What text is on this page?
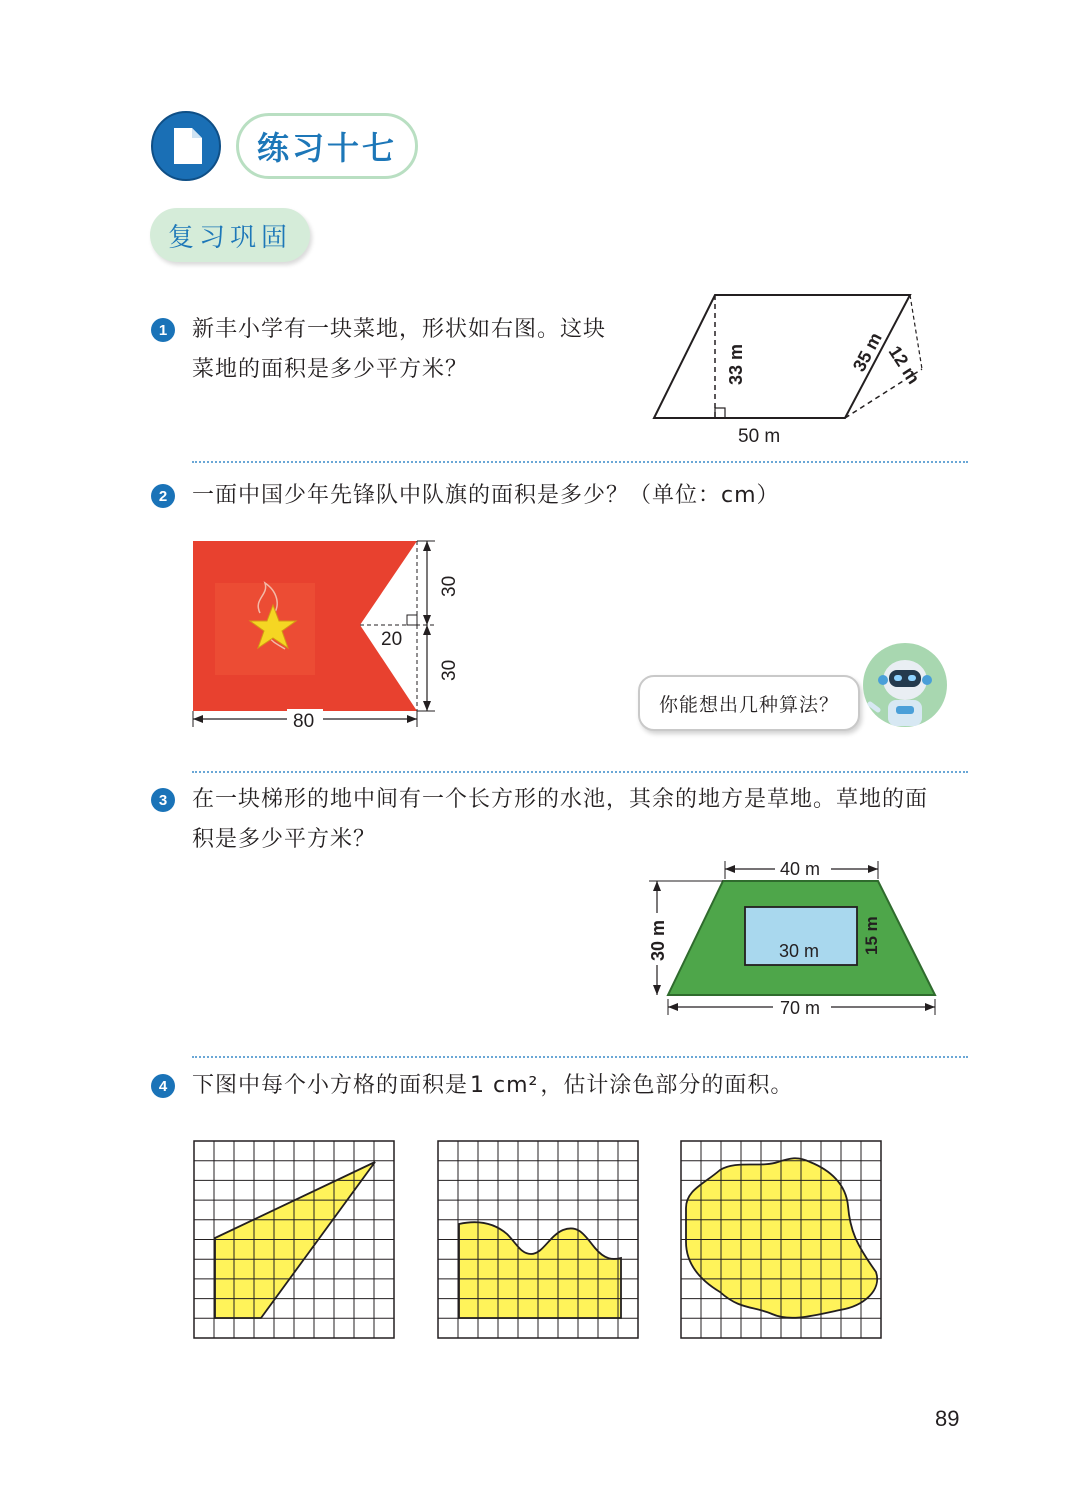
练习十七
复习巩固
1	新丰小学有一块菜地，形状如右图。这块
菜地的面积是多少平方米？	33 m
50 m
35 m
12 m
2	一面中国少年先锋队中队旗的面积是多少？（单位：cm）
30
30
20
80
你能想出几种算法？
3	在一块梯形的地中间有一个长方形的水池，其余的地方是草地。草地的面
积是多少平方米？
40 m
30 m
70 m
30 m	15 m
4	下图中每个小方格的面积是1 cm²，估计涂色部分的面积。
89
